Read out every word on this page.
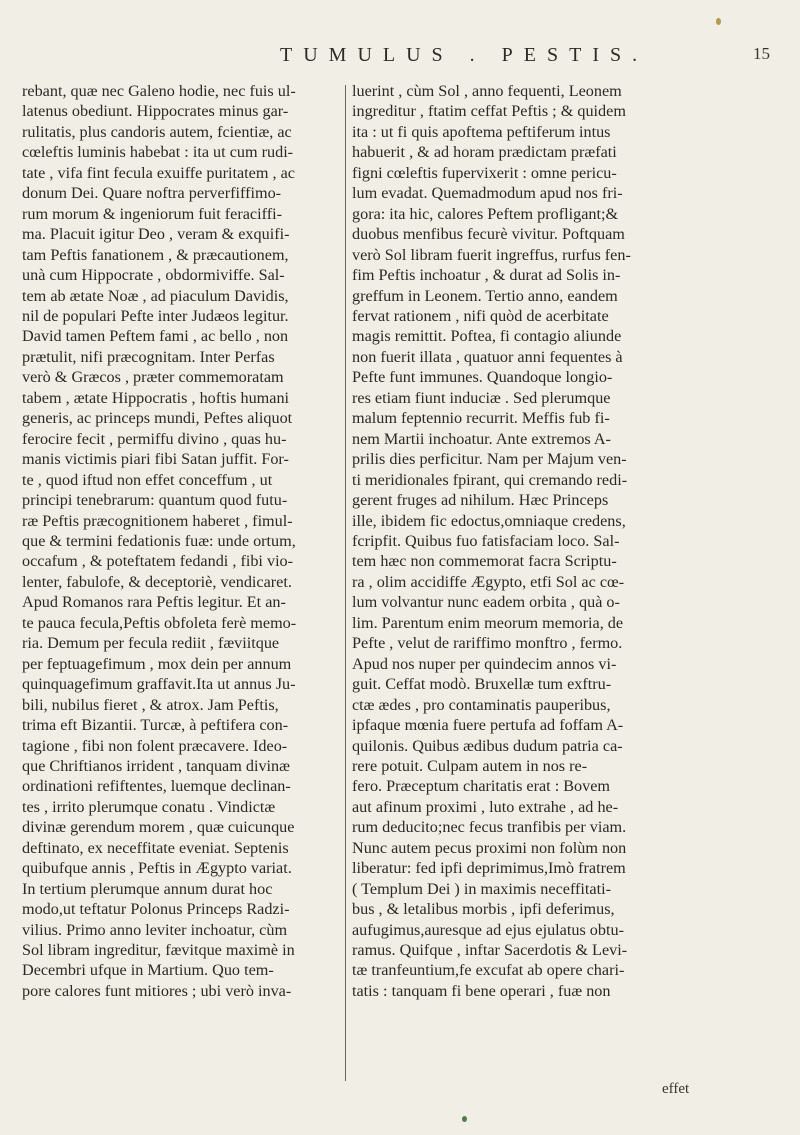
TUMULUS . PESTIS.	15
rebant, quæ nec Galeno hodie, nec fuis ul-
latenus obediunt. Hippocrates minus gar-
rulitatis, plus candoris autem, fcientiæ, ac
cœleftis luminis habebat : ita ut cum rudi-
tate , vifa fint fecula exuiffe puritatem , ac
donum Dei. Quare noftra perverfiffimo-
rum morum & ingeniorum fuit feraciffi-
ma. Placuit igitur Deo , veram & exquifi-
tam Peftis fanationem , & præcautionem,
unà cum Hippocrate , obdormiviffe. Sal-
tem ab ætate Noæ , ad piaculum Davidis,
nil de populari Pefte inter Judæos legitur.
David tamen Peftem fami , ac bello , non
prætulit, nifi præcognitam. Inter Perfas
verò & Græcos , præter commemoratam
tabem , ætate Hippocratis , hoftis humani
generis, ac princeps mundi, Peftes aliquot
ferocire fecit , permiffu divino , quas hu-
manis victimis piari fibi Satan juffit. For-
te , quod iftud non effet conceffum , ut
principi tenebrarum: quantum quod futu-
ræ Peftis præcognitionem haberet , fimul-
que & termini fedationis fuæ: unde ortum,
occafum , & poteftatem fedandi , fibi vio-
lenter, fabulofe, & deceptoriè, vendicaret.
Apud Romanos rara Peftis legitur. Et an-
te pauca fecula,Peftis obfoleta ferè memo-
ria. Demum per fecula rediit , fæviitque
per feptuagefimum , mox dein per annum
quinquagefimum graffavit.Ita ut annus Ju-
bili, nubilus fieret , & atrox. Jam Peftis,
trima eft Bizantii. Turcæ, à peftifera con-
tagione , fibi non folent præcavere. Ideo-
que Chriftianos irrident , tanquam divinæ
ordinationi refiftentes, luemque declinan-
tes , irrito plerumque conatu . Vindictæ
divinæ gerendum morem , quæ cuicunque
deftinato, ex neceffitate eveniat. Septenis
quibufque annis , Peftis in Ægypto variat.
In tertium plerumque annum durat hoc
modo,ut teftatur Polonus Princeps Radzi-
vilius. Primo anno leviter inchoatur, cùm
Sol libram ingreditur, fævitque maximè in
Decembri ufque in Martium. Quo tem-
pore calores funt mitiores ; ubi verò inva-
luerint , cùm Sol , anno fequenti, Leonem
ingreditur , ftatim ceffat Peftis ; & quidem
ita : ut fi quis apoftema peftiferum intus
habuerit , & ad horam prædictam præfati
figni cœleftis fupervixerit : omne pericu-
lum evadat. Quemadmodum apud nos fri-
gora: ita hic, calores Peftem profligant;&
duobus menfibus fecurè vivitur. Poftquam
verò Sol libram fuerit ingreffus, rurfus fen-
fim Peftis inchoatur , & durat ad Solis in-
greffum in Leonem. Tertio anno, eandem
fervat rationem , nifi quòd de acerbitate
magis remittit. Poftea, fi contagio aliunde
non fuerit illata , quatuor anni fequentes à
Pefte funt immunes. Quandoque longio-
res etiam fiunt induciæ . Sed plerumque
malum feptennio recurrit. Meffis fub fi-
nem Martii inchoatur. Ante extremos A-
prilis dies perficitur. Nam per Majum ven-
ti meridionales fpirant, qui cremando redi-
gerent fruges ad nihilum. Hæc Princeps
ille, ibidem fic edoctus,omniaque credens,
fcripfit. Quibus fuo fatisfaciam loco. Sal-
tem hæc non commemorat facra Scriptu-
ra , olim accidiffe Ægypto, etfi Sol ac cœ-
lum volvantur nunc eadem orbita , quà o-
lim. Parentum enim meorum memoria, de
Pefte , velut de rariffimo monftro , fermo.
Apud nos nuper per quindecim annos vi-
guit. Ceffat modò. Bruxellæ tum exftru-
ctæ ædes , pro contaminatis pauperibus,
ipfaque mœnia fuere pertufa ad foffam A-
quilonis. Quibus ædibus dudum patria ca-
rere potuit. Culpam autem in nos re-
fero. Præceptum charitatis erat : Bovem
aut afinum proximi , luto extrahe , ad he-
rum deducito;nec fecus tranfibis per viam.
Nunc autem pecus proximi non folùm non
liberatur: fed ipfi deprimimus,Imò fratrem
( Templum Dei ) in maximis neceffitati-
bus , & letalibus morbis , ipfi deferimus,
aufugimus,auresque ad ejus ejulatus obtu-
ramus. Quifque , inftar Sacerdotis & Levi-
tæ tranfeuntium,fe excufat ab opere chari-
tatis : tanquam fi bene operari , fuæ non
effet
